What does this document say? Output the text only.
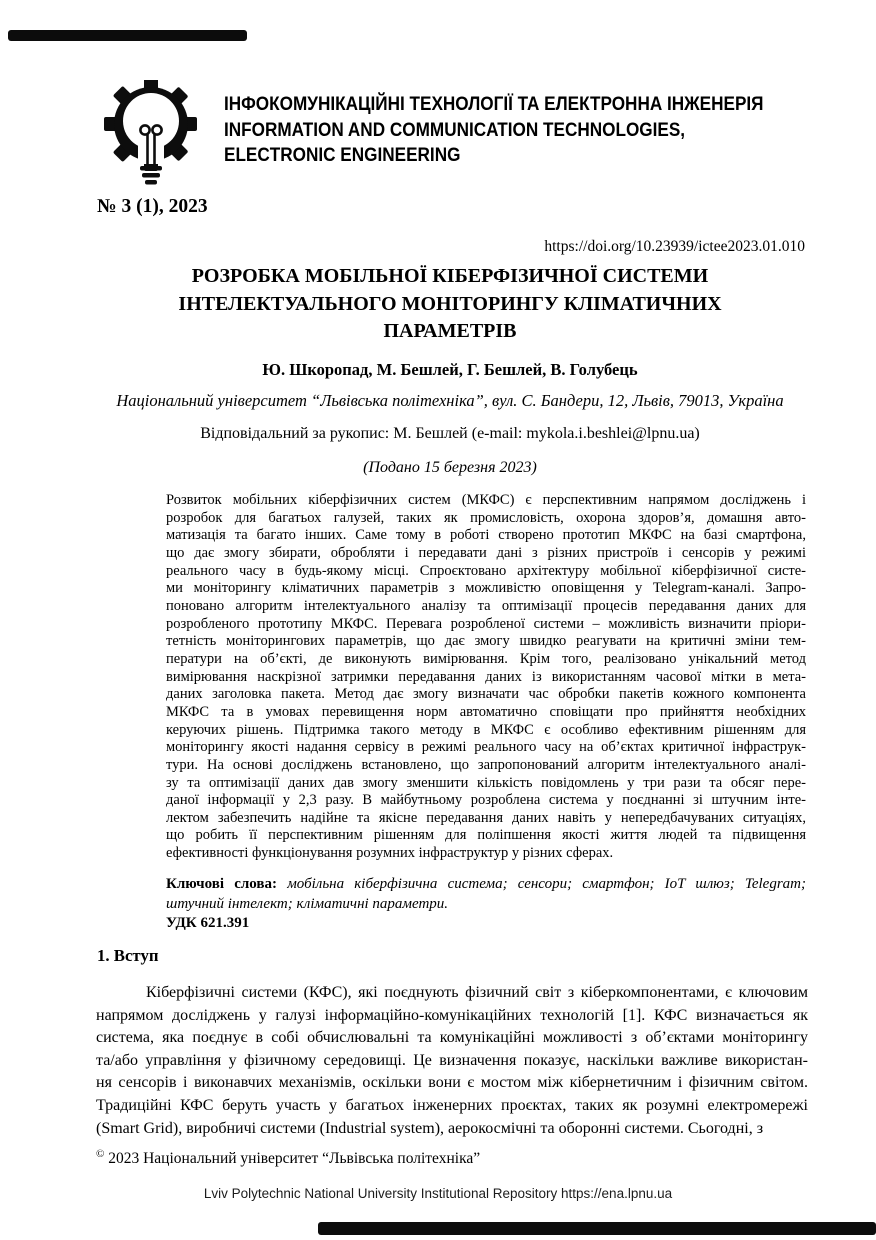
ІНФОКОМУНІКАЦІЙНІ ТЕХНОЛОГІЇ ТА ЕЛЕКТРОННА ІНЖЕНЕРІЯ
INFORMATION AND COMMUNICATION TECHNOLOGIES,
ELECTRONIC ENGINEERING
№ 3 (1), 2023
https://doi.org/10.23939/ictee2023.01.010
РОЗРОБКА МОБІЛЬНОЇ КІБЕРФІЗИЧНОЇ СИСТЕМИ
ІНТЕЛЕКТУАЛЬНОГО МОНІТОРИНГУ КЛІМАТИЧНИХ
ПАРАМЕТРІВ
Ю. Шкоропад, М. Бешлей, Г. Бешлей, В. Голубець
Національний університет “Львівська політехніка”, вул. С. Бандери, 12, Львів, 79013, Україна
Відповідальний за рукопис: М. Бешлей (e-mail: mykola.i.beshlei@lpnu.ua)
(Подано 15 березня 2023)
Розвиток мобільних кіберфізичних систем (МКФС) є перспективним напрямом досліджень і
розробок для багатьох галузей, таких як промисловість, охорона здоров’я, домашня авто-
матизація та багато інших. Саме тому в роботі створено прототип МКФС на базі смартфона,
що дає змогу збирати, обробляти і передавати дані з різних пристроїв і сенсорів у режимі
реального часу в будь-якому місці. Спроєктовано архітектуру мобільної кіберфізичної систе-
ми моніторингу кліматичних параметрів з можливістю оповіщення у Telegram-каналі. Запро-
поновано алгоритм інтелектуального аналізу та оптимізації процесів передавання даних для
розробленого прототипу МКФС. Перевага розробленої системи – можливість визначити пріори-
тетність моніторингових параметрів, що дає змогу швидко реагувати на критичні зміни тем-
ператури на об’єкті, де виконують вимірювання. Крім того, реалізовано унікальний метод
вимірювання наскрізної затримки передавання даних із використанням часової мітки в мета-
даних заголовка пакета. Метод дає змогу визначати час обробки пакетів кожного компонента
МКФС та в умовах перевищення норм автоматично сповіщати про прийняття необхідних
керуючих рішень. Підтримка такого методу в МКФС є особливо ефективним рішенням для
моніторингу якості надання сервісу в режимі реального часу на об’єктах критичної інфраструк-
тури. На основі досліджень встановлено, що запропонований алгоритм інтелектуального аналі-
зу та оптимізації даних дав змогу зменшити кількість повідомлень у три рази та обсяг пере-
даної інформації у 2,3 разу. В майбутньому розроблена система у поєднанні зі штучним інте-
лектом забезпечить надійне та якісне передавання даних навіть у непередбачуваних ситуаціях,
що робить її перспективним рішенням для поліпшення якості життя людей та підвищення
ефективності функціонування розумних інфраструктур у різних сферах.
Ключові слова: мобільна кіберфізична система; сенсори; смартфон; IoT шлюз; Telegram;
штучний інтелект; кліматичні параметри.
УДК 621.391
1. Вступ
Кіберфізичні системи (КФС), які поєднують фізичний світ з кіберкомпонентами, є ключовим
напрямом досліджень у галузі інформаційно-комунікаційних технологій [1]. КФС визначається як
система, яка поєднує в собі обчислювальні та комунікаційні можливості з об’єктами моніторингу
та/або управління у фізичному середовищі. Це визначення показує, наскільки важливе використан-
ня сенсорів і виконавчих механізмів, оскільки вони є мостом між кібернетичним і фізичним світом.
Традиційні КФС беруть участь у багатьох інженерних проєктах, таких як розумні електромережі
(Smart Grid), виробничі системи (Industrial system), аерокосмічні та оборонні системи. Сьогодні, з
© 2023 Національний університет “Львівська політехніка”
Lviv Polytechnic National University Institutional Repository https://ena.lpnu.ua
